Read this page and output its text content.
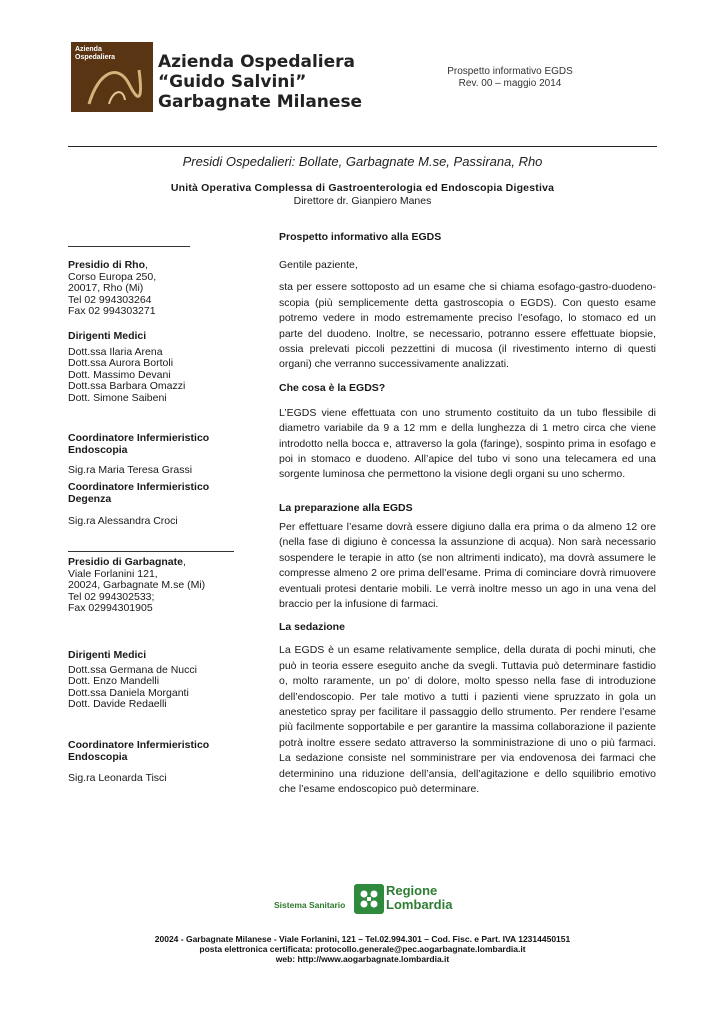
Azienda
Ospedaliera	Azienda Ospedaliera
“Guido Salvini”
Garbagnate Milanese
Prospetto informativo EGDS
Rev. 00 – maggio 2014
Presidi Ospedalieri: Bollate, Garbagnate M.se, Passirana, Rho
Unità Operativa Complessa di Gastroenterologia ed Endoscopia Digestiva
Direttore dr. Gianpiero Manes
Presidio di Rho,
Corso Europa 250,
20017, Rho (Mi)
Tel 02 994303264
Fax 02 994303271
Dirigenti Medici
Dott.ssa Ilaria Arena
Dott.ssa Aurora Bortoli
Dott. Massimo Devani
Dott.ssa Barbara Omazzi
Dott. Simone Saibeni
Coordinatore Infermieristico Endoscopia
Sig.ra Maria Teresa Grassi
Coordinatore Infermieristico Degenza
Sig.ra Alessandra Croci
Presidio di Garbagnate,
Viale Forlanini 121,
20024, Garbagnate M.se (Mi)
Tel 02 994302533;
Fax 02994301905
Dirigenti Medici
Dott.ssa Germana de Nucci
Dott. Enzo Mandelli
Dott.ssa Daniela Morganti
Dott. Davide Redaelli
Coordinatore Infermieristico Endoscopia
Sig.ra Leonarda Tisci
Prospetto informativo alla EGDS

Gentile paziente,

sta per essere sottoposto ad un esame che si chiama esofago-gastro-duodeno-scopia (più semplicemente detta gastroscopia o EGDS). Con questo esame potremo vedere in modo estremamente preciso l’esofago, lo stomaco ed un parte del duodeno. Inoltre, se necessario, potranno essere effettuate biopsie, ossia prelevati piccoli pezzettini di mucosa (il rivestimento interno di questi organi) che verranno successivamente analizzati.

Che cosa è la EGDS?

L’EGDS viene effettuata con uno strumento costituito da un tubo flessibile di diametro variabile da 9 a 12 mm e della lunghezza di 1 metro circa che viene introdotto nella bocca e, attraverso la gola (faringe), sospinto prima in esofago e poi in stomaco e duodeno. All’apice del tubo vi sono una telecamera ed una sorgente luminosa che permettono la visione degli organi su uno schermo.

La preparazione alla EGDS

Per effettuare l’esame dovrà essere digiuno dalla era prima o da almeno 12 ore (nella fase di digiuno è concessa la assunzione di acqua). Non sarà necessario sospendere le terapie in atto (se non altrimenti indicato), ma dovrà assumere le compresse almeno 2 ore prima dell’esame. Prima di cominciare dovrà rimuovere eventuali protesi dentarie mobili. Le verrà inoltre messo un ago in una vena del braccio per la infusione di farmaci.

La sedazione

La EGDS è un esame relativamente semplice, della durata di pochi minuti, che può in teoria essere eseguito anche da svegli. Tuttavia può determinare fastidio o, molto raramente, un po’ di dolore, molto spesso nella fase di introduzione dell’endoscopio. Per tale motivo a tutti i pazienti viene spruzzato in gola un anestetico spray per facilitare il passaggio dello strumento. Per rendere l’esame più facilmente sopportabile e per garantire la massima collaborazione il paziente potrà inoltre essere sedato attraverso la somministrazione di uno o più farmaci. La sedazione consiste nel somministrare per via endovenosa dei farmaci che determinino una riduzione dell’ansia, dell’agitazione e dello squilibrio emotivo che l’esame endoscopico può determinare.

Sistema Sanitario
Regione
Lombardia
20024 - Garbagnate Milanese - Viale Forlanini, 121 – Tel.02.994.301 – Cod. Fisc. e Part. IVA 12314450151
posta elettronica certificata: protocollo.generale@pec.aogarbagnate.lombardia.it
web: http://www.aogarbagnate.lombardia.it
